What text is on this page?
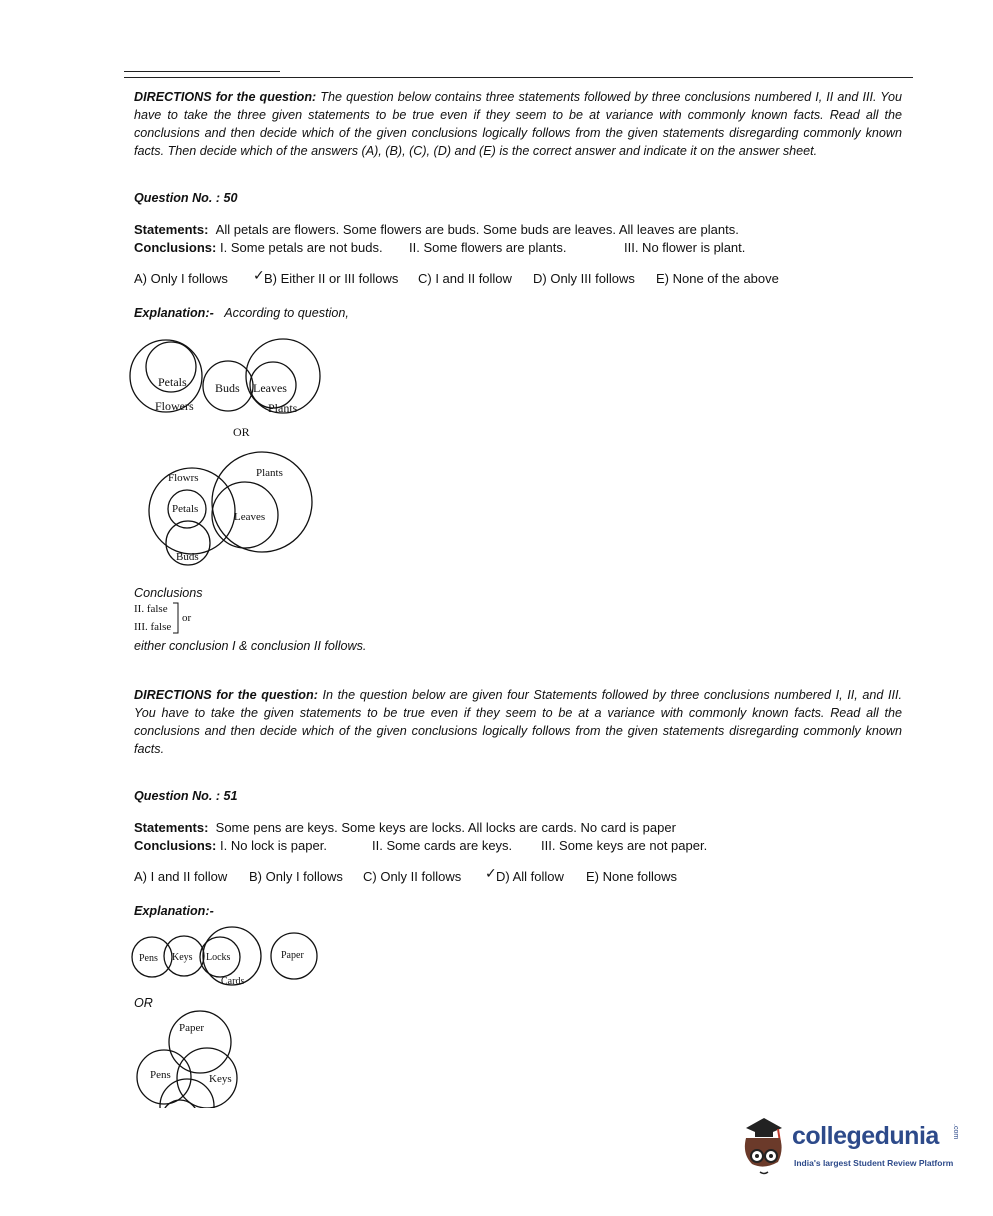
DIRECTIONS for the question: The question below contains three statements followed by three conclusions numbered I, II and III. You have to take the three given statements to be true even if they seem to be at variance with commonly known facts. Read all the conclusions and then decide which of the given conclusions logically follows from the given statements disregarding commonly known facts. Then decide which of the answers (A), (B), (C), (D) and (E) is the correct answer and indicate it on the answer sheet.
Question No. : 50
Statements: All petals are flowers. Some flowers are buds. Some buds are leaves. All leaves are plants.
Conclusions: I. Some petals are not buds. II. Some flowers are plants.	III. No flower is plant.
A) Only I follows ✓ B) Either II or III follows C) I and II follow D) Only III follows E) None of the above
Explanation:- According to question,
Petals
Flowers
Buds Leaves
Plants
OR
Flowrs	Plants
Petals
Leaves
Buds
Conclusions
II. false
III. false
or
either conclusion I & conclusion II follows.
DIRECTIONS for the question: In the question below are given four Statements followed by three conclusions numbered I, II, and III. You have to take the given statements to be true even if they seem to be at a variance with commonly known facts. Read all the conclusions and then decide which of the given conclusions logically follows from the given statements disregarding commonly known facts.
Question No. : 51
Statements: Some pens are keys. Some keys are locks. All locks are cards. No card is paper
Conclusions: I. No lock is paper.	II. Some cards are keys. III. Some keys are not paper.
A) I and II follow B) Only I follows C) Only II follows ✓ D) All follow E) None follows
Explanation:-
Pens Keys Locks
Cards
Paper
OR
Paper
Pens	Keys
collegedunia .com
India's largest Student Review Platform
